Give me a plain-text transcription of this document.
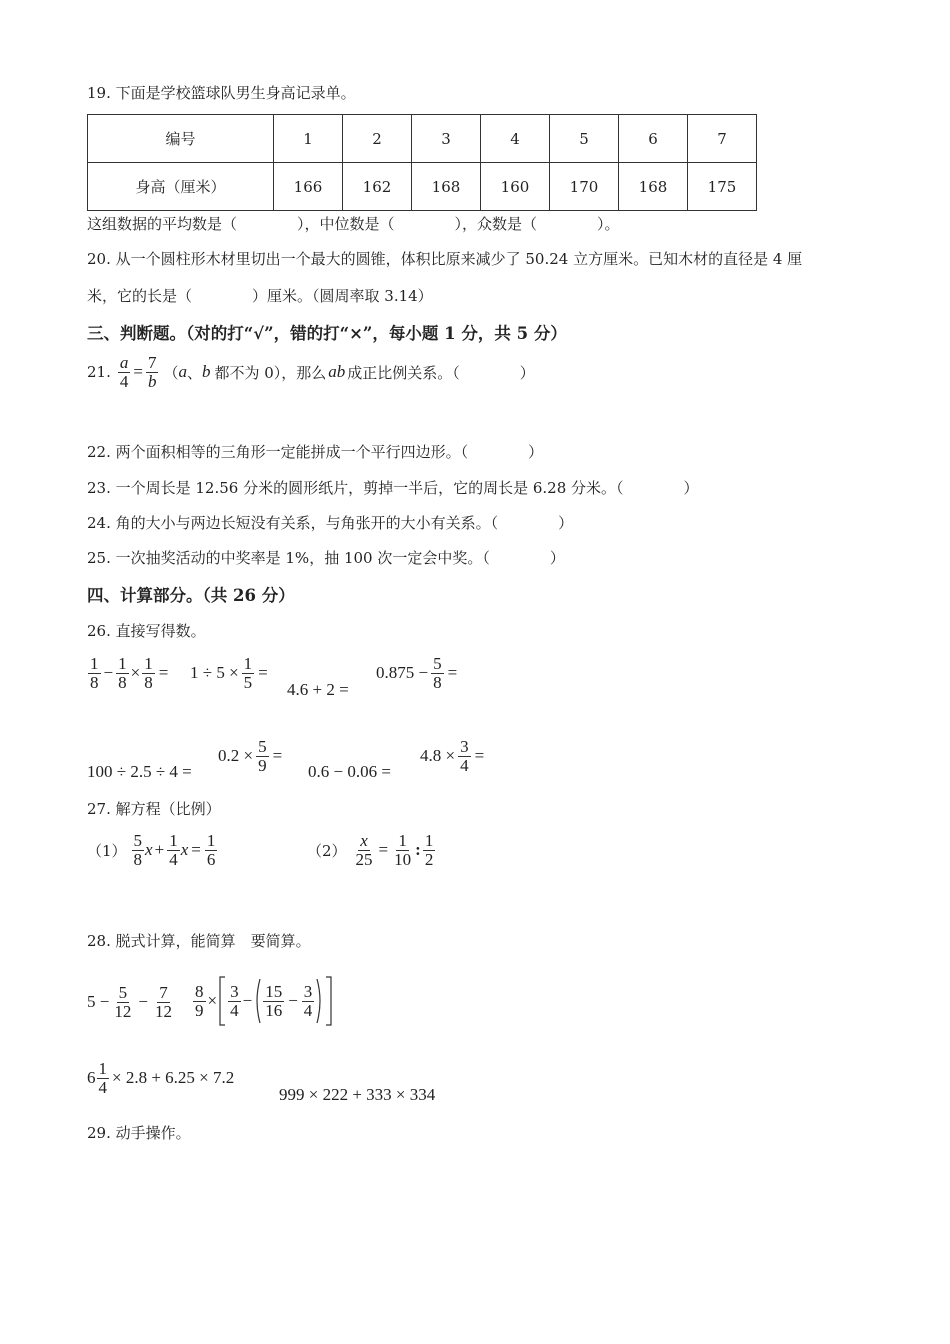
19. 下面是学校篮球队男生身高记录单。
编号	1	2	3	4	5	6	7
身高（厘米）	166	162	168	160	170	168	175
这组数据的平均数是（　　　　），中位数是（　　　　），众数是（　　　　）。
20. 从一个圆柱形木材里切出一个最大的圆锥，体积比原来减少了 50.24 立方厘米。已知木材的直径是 4 厘
米，它的长是（　　　　）厘米。（圆周率取 3.14）
三、判断题。（对的打“√”，错的打“×”，每小题 1 分，共 5 分）
21. $\frac{a}{4} = \frac{7}{b}$ （ a 、 b 都不为 0），那么 ab 成正比例关系。（　　　　）
22. 两个面积相等的三角形一定能拼成一个平行四边形。（　　　　）
23. 一个周长是 12.56 分米的圆形纸片，剪掉一半后，它的周长是 6.28 分米。（　　　　）
24. 角的大小与两边长短没有关系，与角张开的大小有关系。（　　　　）
25. 一次抽奖活动的中奖率是 1%，抽 100 次一定会中奖。（　　　　）
四、计算部分。（共 26 分）
26. 直接写得数。
$\frac{1}{8} - \frac{1}{8} \times \frac{1}{8} = 1 \div 5 \times \frac{1}{5}$ =
4.6 + 2 =
$0.875 - \frac{5}{8}$ =
100 ÷ 2.5 ÷ 4 =
$0.2 \times \frac{5}{9}$ =
0.6 − 0.06 =
$4.8 \times \frac{3}{4}$ =
27. 解方程（比例）
$(1) \frac{5}{8}$ $x + \frac{1}{4}$ $x = \frac{1}{6}$	$(2) \frac{x}{25} = \frac{1}{10}$ : $\frac{1}{2}$
28. 脱式计算，能简算　要简算。
$5 - \frac{5}{12} - \frac{7}{12} \frac{8}{9} \times \frac{3}{4} - \frac{15}{16} - \frac{3}{4}$
$6 \frac{1}{4} \times 2.8 + 6.25 \times 7.2$
999 × 222 + 333 × 334
29. 动手操作。
